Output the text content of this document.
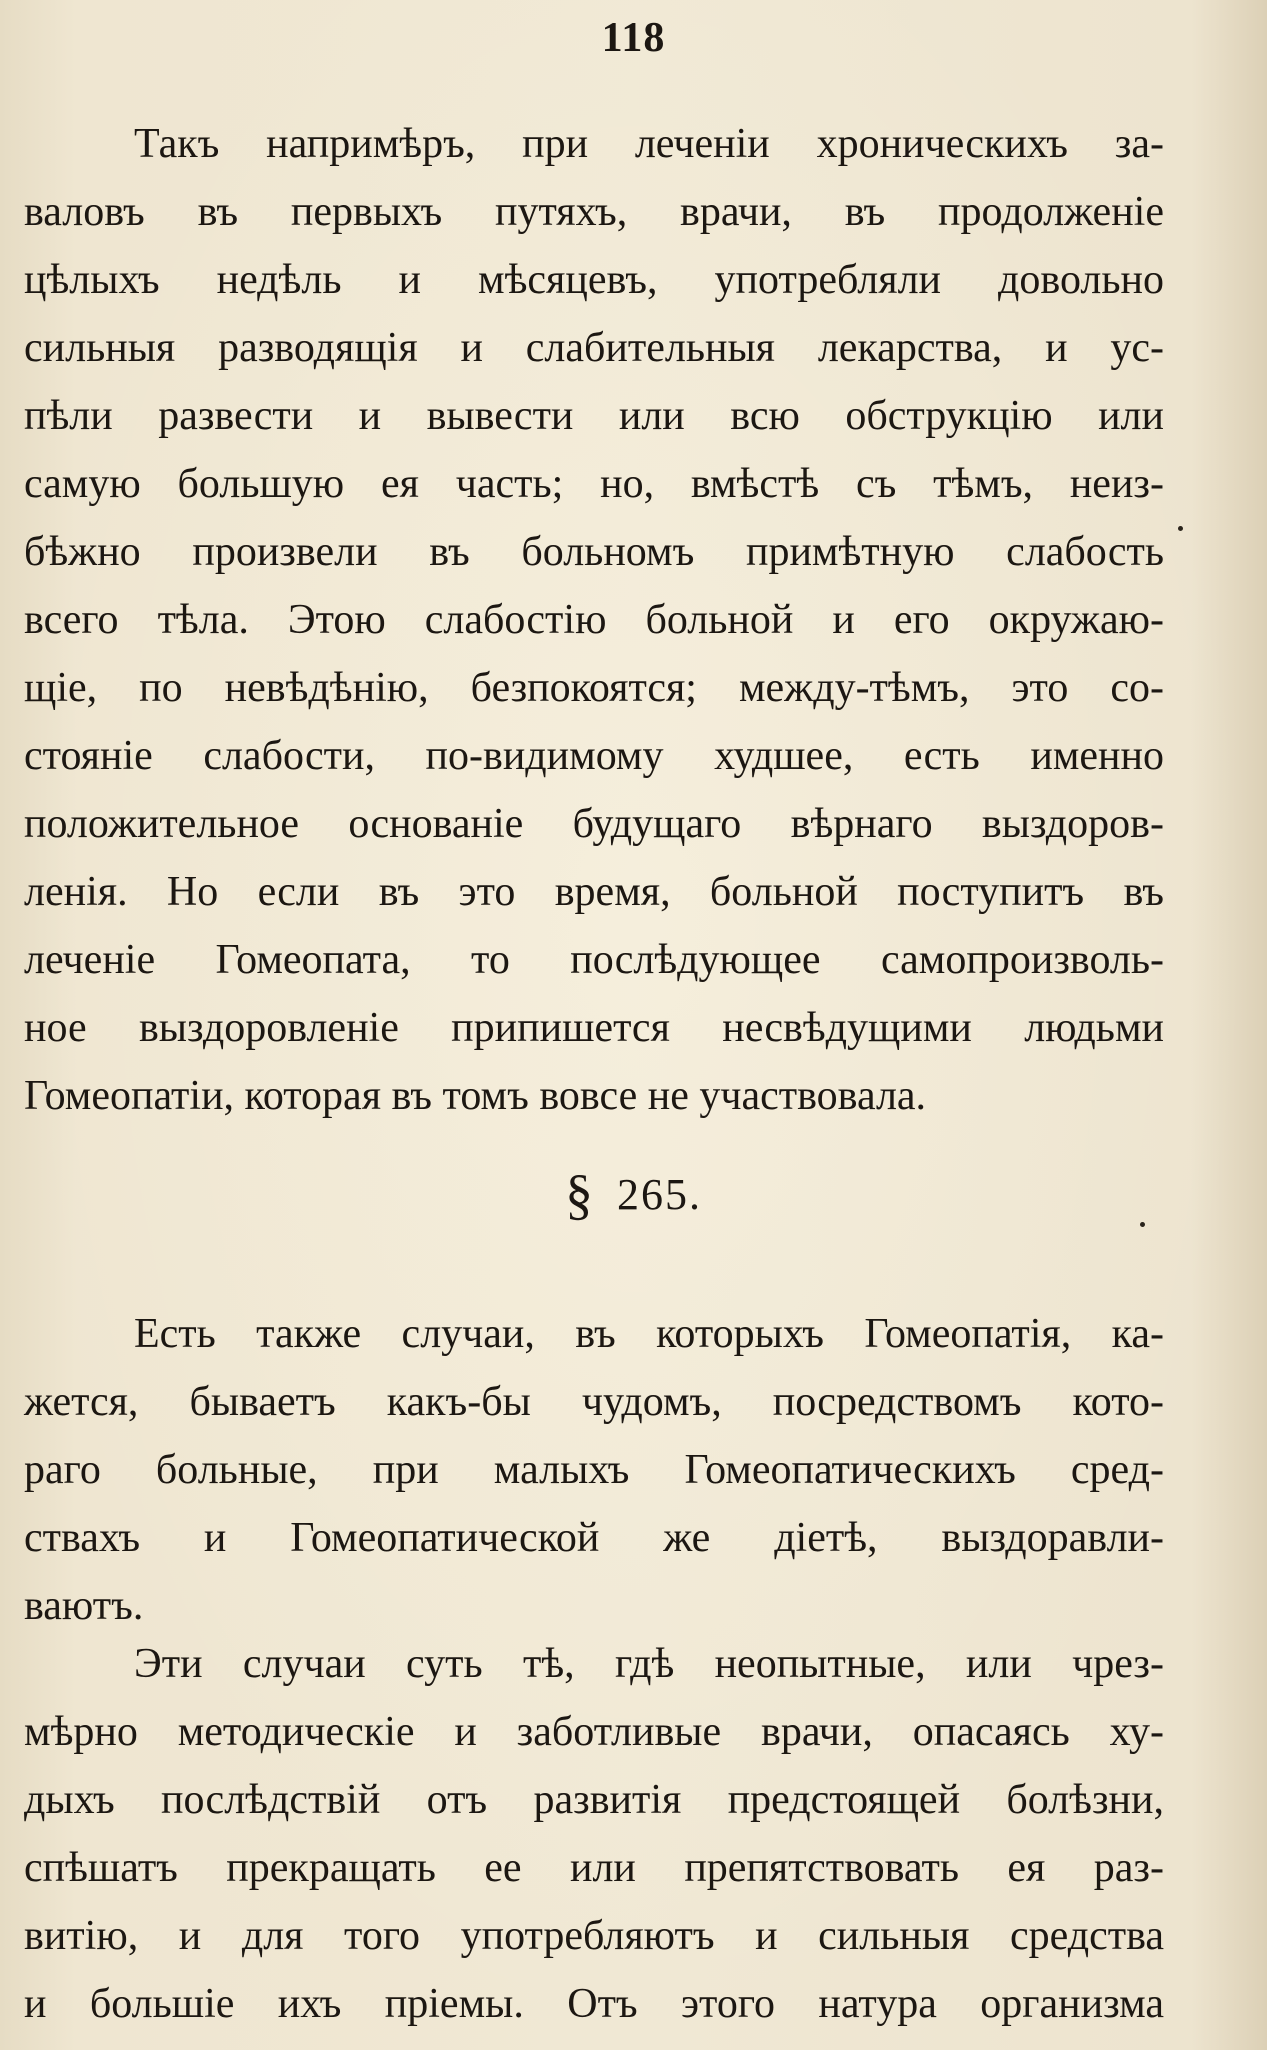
118
Такъ напримѣръ, при леченіи хроническихъ за-
валовъ въ первыхъ путяхъ, врачи, въ продолженіе
цѣлыхъ недѣль и мѣсяцевъ, употребляли довольно
сильныя разводящія и слабительныя лекарства, и ус-
пѣли развести и вывести или всю обструкцію или
самую большую ея часть; но, вмѣстѣ съ тѣмъ, неиз-
бѣжно произвели въ больномъ примѣтную слабость
всего тѣла. Этою слабостію больной и его окружаю-
щіе, по невѣдѣнію, безпокоятся; между-тѣмъ, это со-
стояніе слабости, по-видимому худшее, есть именно
положительное основаніе будущаго вѣрнаго выздоров-
ленія. Но если въ это время, больной поступитъ въ
леченіе Гомеопата, то послѣдующее самопроизволь-
ное выздоровленіе припишется несвѣдущими людьми
Гомеопатіи, которая въ томъ вовсе не участвовала.
§ 265.
Есть также случаи, въ которыхъ Гомеопатія, ка-
жется, бываетъ какъ-бы чудомъ, посредствомъ кото-
раго больные, при малыхъ Гомеопатическихъ сред-
ствахъ и Гомеопатической же діетѣ, выздоравли-
ваютъ.
Эти случаи суть тѣ, гдѣ неопытные, или чрез-
мѣрно методическіе и заботливые врачи, опасаясь ху-
дыхъ послѣдствій отъ развитія предстоящей болѣзни,
спѣшатъ прекращать ее или препятствовать ея раз-
витію, и для того употребляютъ и сильныя средства
и большіе ихъ пріемы. Отъ этого натура организма
